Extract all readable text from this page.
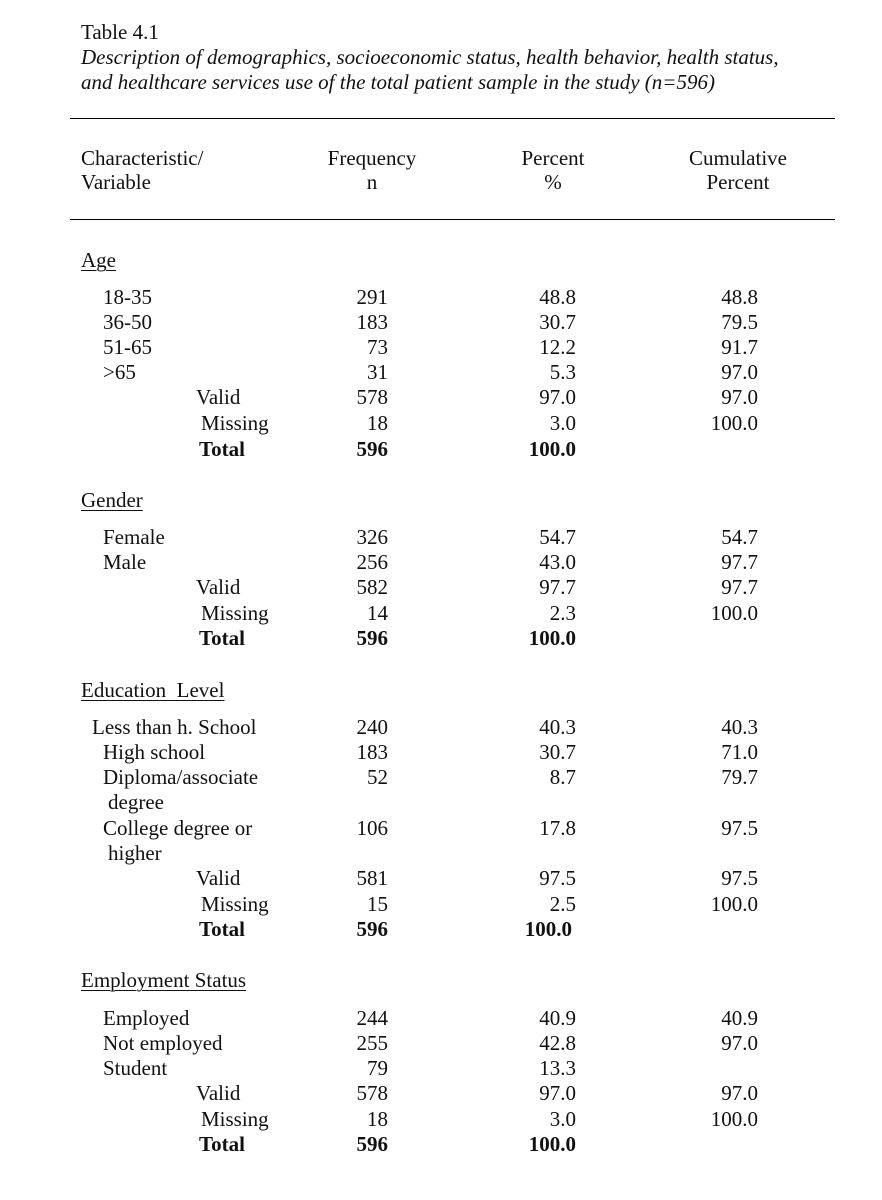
Table 4.1
Description of demographics, socioeconomic status, health behavior, health status,
and healthcare services use of the total patient sample in the study (n=596)
Characteristic/
Variable
Frequency
n
Percent
%
Cumulative
Percent
Age
18-35	291	48.8	48.8
36-50	183	30.7	79.5
51-65	73	12.2	91.7
>65	31	5.3	97.0
Valid	578	97.0	97.0
Missing	18	3.0	100.0
Total	596	100.0
Gender
Female	326	54.7	54.7
Male	256	43.0	97.7
Valid	582	97.7	97.7
Missing	14	2.3	100.0
Total	596	100.0
Education  Level
Less than h. School	240	40.3	40.3
High school	183	30.7	71.0
Diploma/associate
degree
52	8.7	79.7
College degree or
higher
106	17.8	97.5
Valid	581	97.5	97.5
Missing	15	2.5	100.0
Total	596	100.0
Employment Status
Employed	244	40.9	40.9
Not employed	255	42.8	97.0
Student	79	13.3
Valid	578	97.0	97.0
Missing	18	3.0	100.0
Total	596	100.0
